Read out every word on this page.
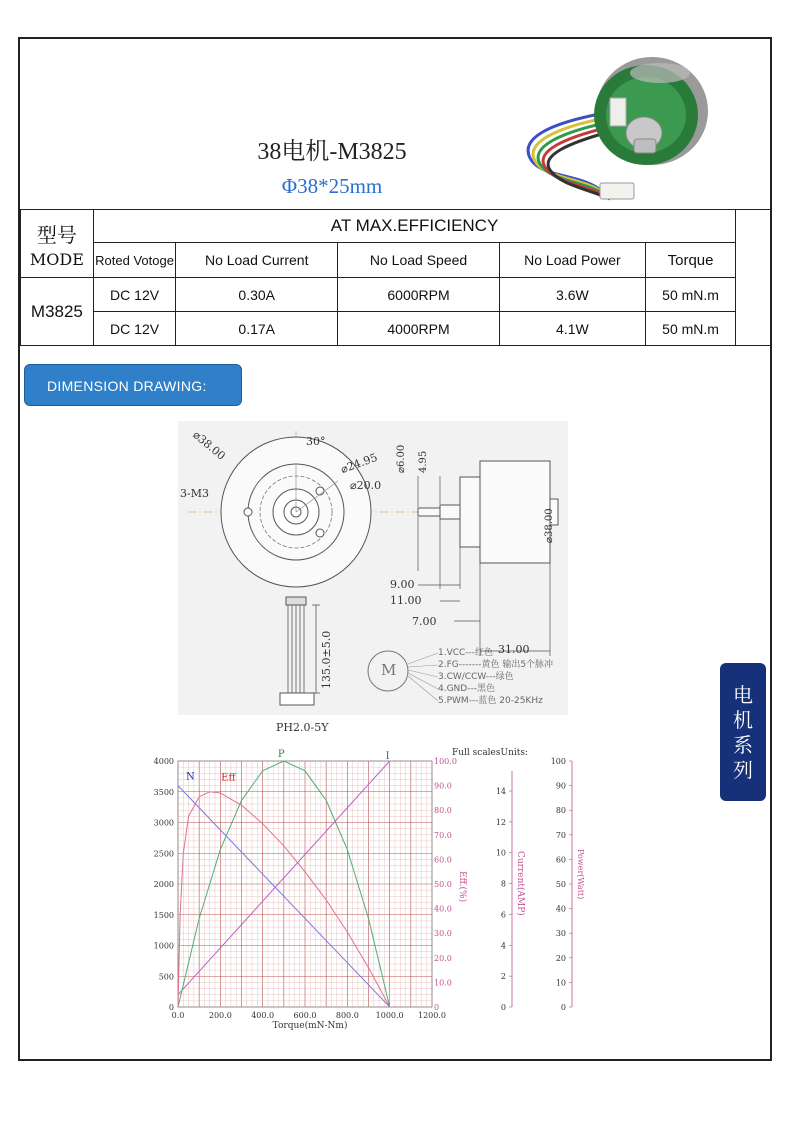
38电机-M3825
Φ38*25mm
型号
MODE	AT MAX.EFFICIENCY					
	Roted Votoge	No Load Current	No Load Speed	No Load Power	Torque	
M3825	DC 12V	0.30A	6000RPM	3.6W	50 mN.m	
	DC 12V	0.17A	4000RPM	4.1W	50 mN.m	
DIMENSION DRAWING:
电
机
系
列
⌀38.00	30°
⌀24.95
⌀20.0
3-M3
⌀6.00 4.95
9.00
11.00
7.00
⌀38.00
31.00
135.0±5.0
PH2.0-5Y
M
1.VCC---红色
2.FG-------黄色 输出5个脉冲
3.CW/CCW---绿色
4.GND---黑色
5.PWM---蓝色 20-25KHz
0
500
1000
1500
2000
2500
3000
3500
4000
0.0	200.0 400.0 600.0 800.0 1000.0 1200.0
Torque(mN-Nm)
0
10.0
20.0
30.0
40.0
50.0
60.0
70.0
80.0
90.0
100.0
Eff.(%)
Full scalesUnits:
0
2
4
6
8
10
12
14
Current(AMP)
0
10
20
30
40
50
60
70
80
90
100
Power(Watt)
N
I
P
Eff
